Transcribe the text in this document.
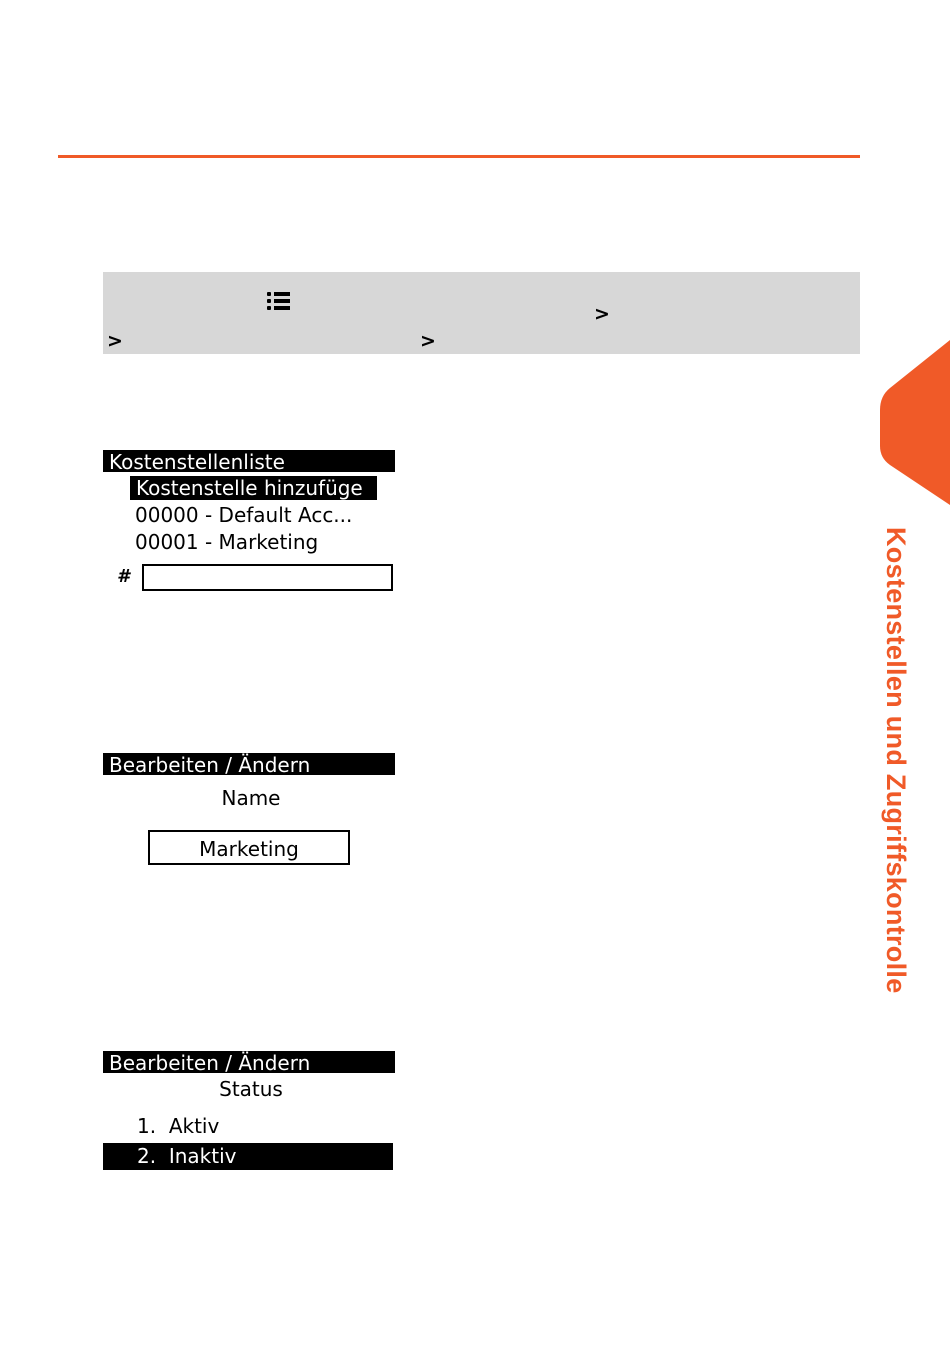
>
>	>
Kostenstellenliste
Kostenstelle hinzufüge
00000 - Default Acc...
00001 - Marketing
#
Bearbeiten / Ändern
Name
Marketing
Bearbeiten / Ändern
Status
1. Aktiv
2. Inaktiv
Kostenstellen und Zugriffskontrolle
